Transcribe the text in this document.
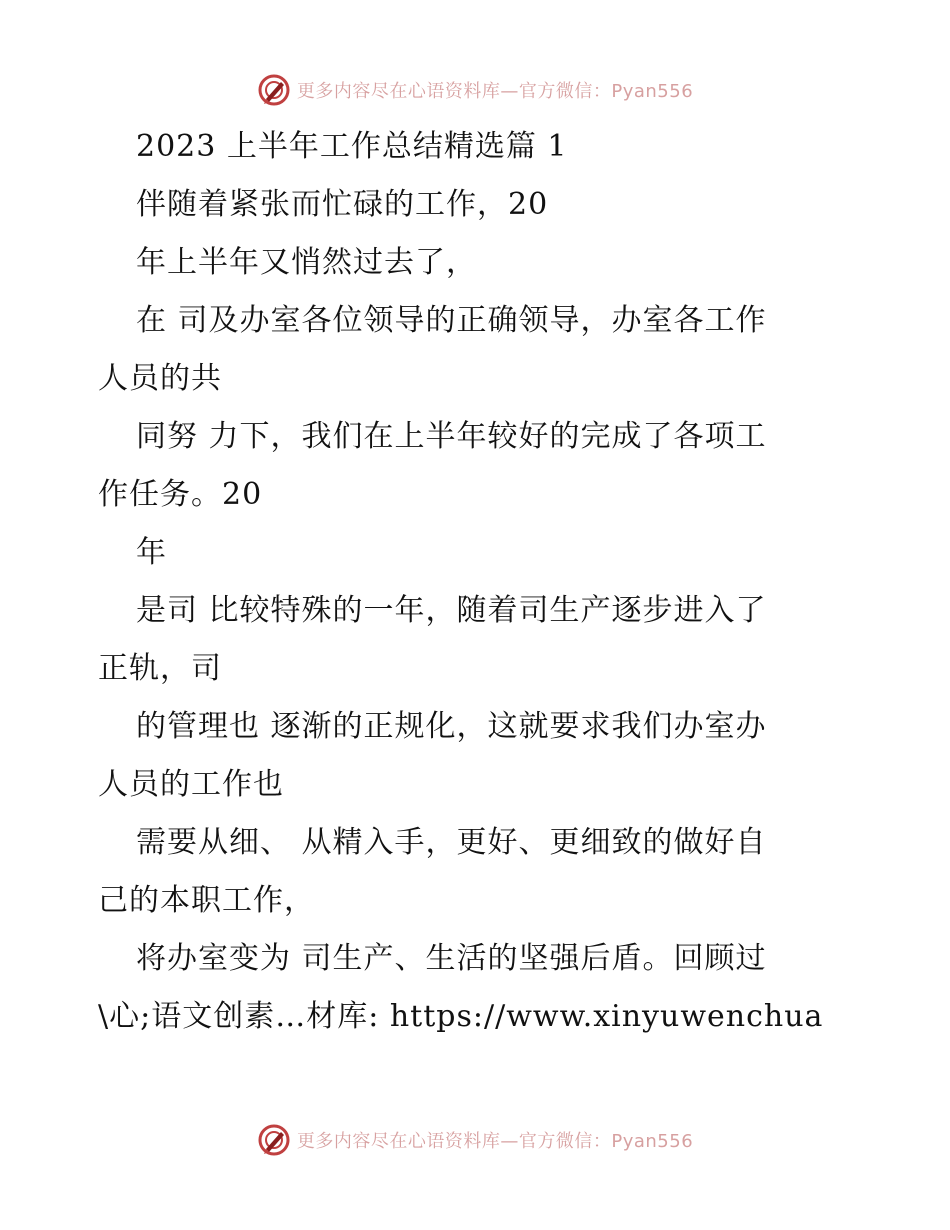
更多内容尽在心语资料库—官方微信：Pyan556
2023 上半年工作总结精选篇 1
伴随着紧张而忙碌的工作，20
年上半年又悄然过去了，
在 司及办室各位领导的正确领导，办室各工作
人员的共
同努 力下，我们在上半年较好的完成了各项工
作任务。20
年
是司 比较特殊的一年，随着司生产逐步进入了
正轨，司
的管理也 逐渐的正规化，这就要求我们办室办
人员的工作也
需要从细、 从精入手，更好、更细致的做好自
己的本职工作，
将办室变为 司生产、生活的坚强后盾。回顾过
\心;语文创素…材库: https://www.xinyuwenchua
更多内容尽在心语资料库—官方微信：Pyan556
